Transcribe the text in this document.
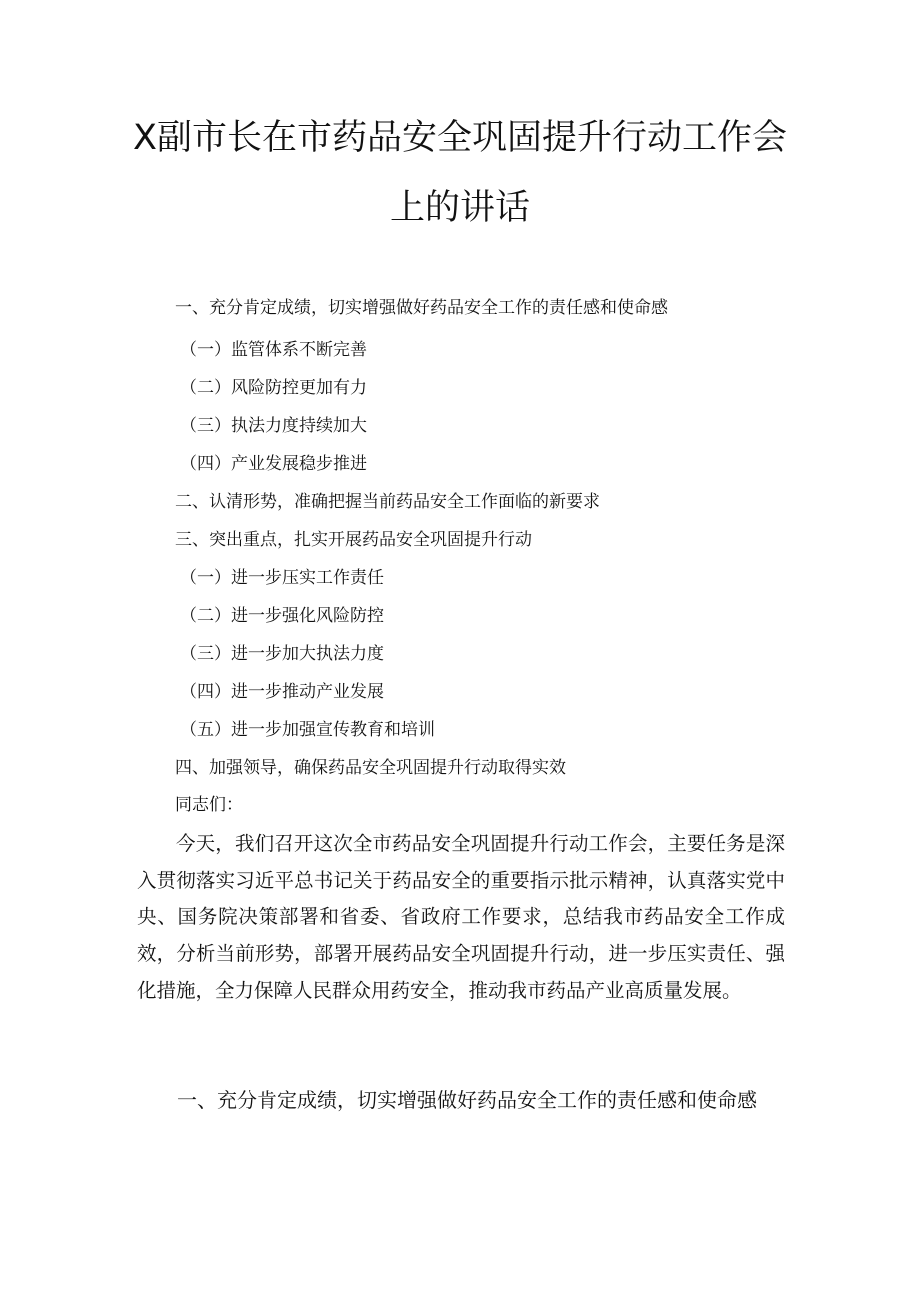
X副市长在市药品安全巩固提升行动工作会
上的讲话
一、充分肯定成绩，切实增强做好药品安全工作的责任感和使命感
（一）监管体系不断完善
（二）风险防控更加有力
（三）执法力度持续加大
（四）产业发展稳步推进
二、认清形势，准确把握当前药品安全工作面临的新要求
三、突出重点，扎实开展药品安全巩固提升行动
（一）进一步压实工作责任
（二）进一步强化风险防控
（三）进一步加大执法力度
（四）进一步推动产业发展
（五）进一步加强宣传教育和培训
四、加强领导，确保药品安全巩固提升行动取得实效
同志们：

今天，我们召开这次全市药品安全巩固提升行动工作会，主要任务是深入贯彻落实习近平总书记关于药品安全的重要指示批示精神，认真落实党中央、国务院决策部署和省委、省政府工作要求，总结我市药品安全工作成效，分析当前形势，部署开展药品安全巩固提升行动，进一步压实责任、强化措施，全力保障人民群众用药安全，推动我市药品产业高质量发展。

一、充分肯定成绩，切实增强做好药品安全工作的责任感和使命感
